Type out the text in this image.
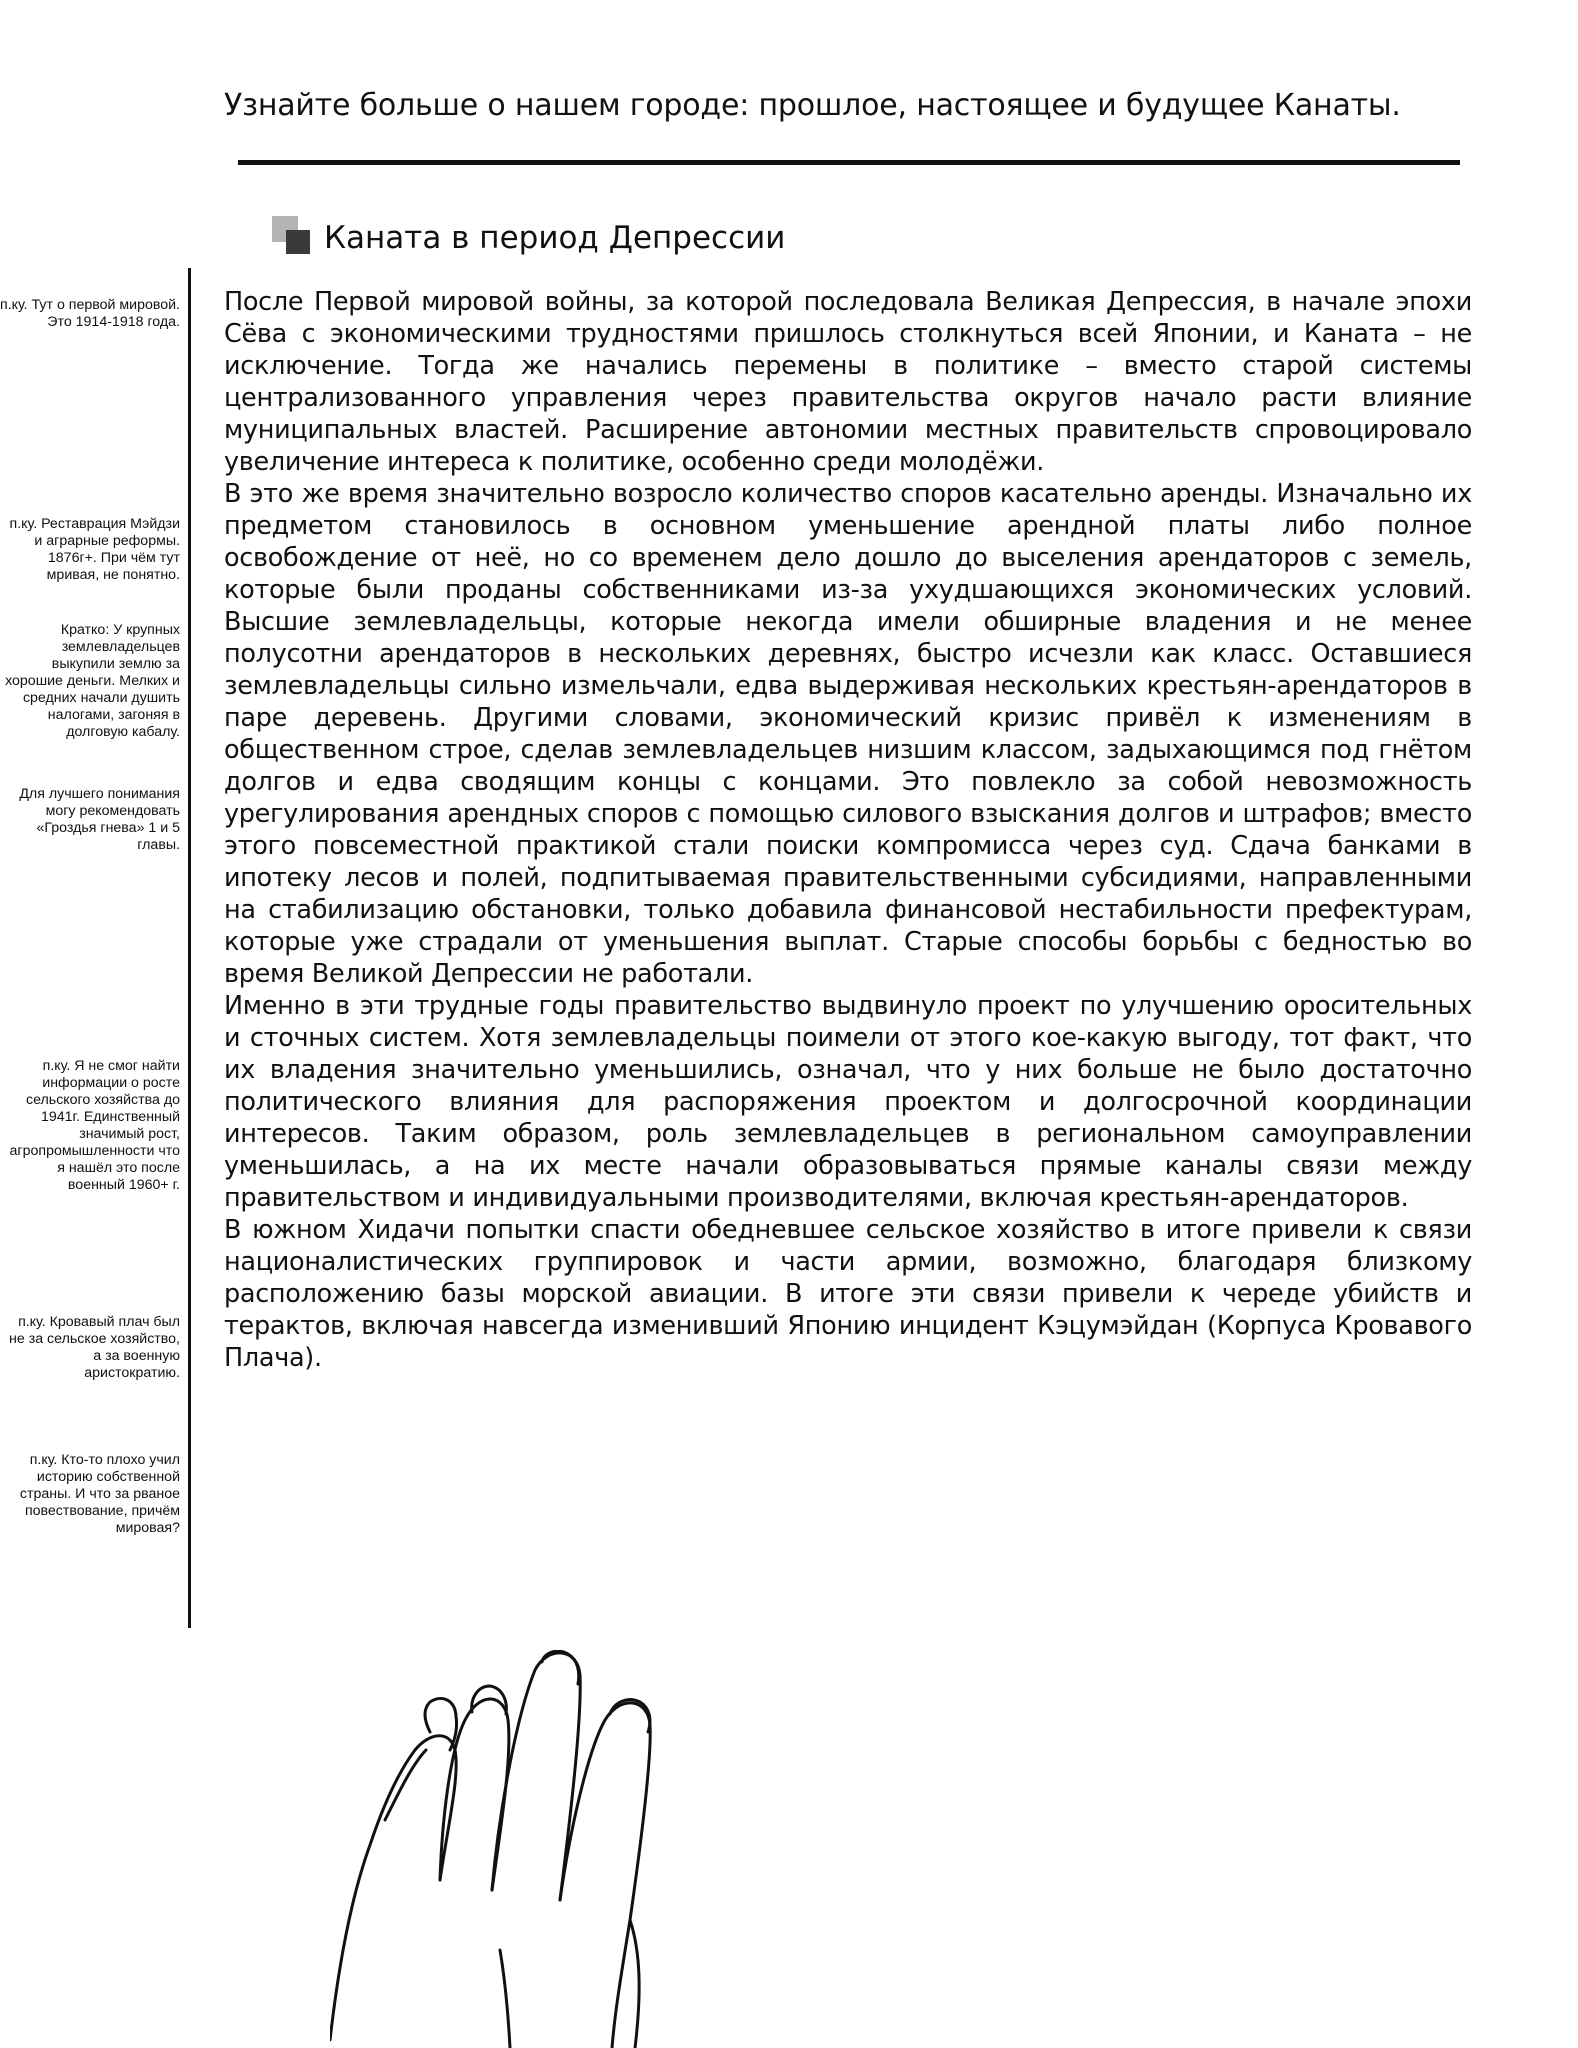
Узнайте больше о нашем городе: прошлое, настоящее и будущее Канаты.
Каната в период Депрессии

п.ку. Тут о первой мировой. Это 1914-1918 года.

п.ку. Реставрация Мэйдзи и аграрные реформы. 1876г+. При чём тут мривая, не понятно.

Кратко: У крупных землевладельцев выкупили землю за хорошие деньги. Мелких и средних начали душить налогами, загоняя в долговую кабалу.

Для лучшего понимания могу рекомендовать «Гроздья гнева» 1 и 5 главы.

п.ку. Я не смог найти информации о росте сельского хозяйства до 1941г. Единственный значимый рост, агропромышленности что я нашёл это после военный 1960+ г.

п.ку. Кровавый плач был не за сельское хозяйство, а за военную аристократию.

п.ку. Кто-то плохо учил историю собственной страны. И что за рваное повествование, причём мировая?

После Первой мировой войны, за которой последовала Великая Депрессия, в начале эпохи Сёва с экономическими трудностями пришлось столкнуться всей Японии, и Каната – не исключение. Тогда же начались перемены в политике – вместо старой системы централизованного управления через правительства округов начало расти влияние муниципальных властей. Расширение автономии местных правительств спровоцировало увеличение интереса к политике, особенно среди молодёжи.

В это же время значительно возросло количество споров касательно аренды. Изначально их предметом становилось в основном уменьшение арендной платы либо полное освобождение от неё, но со временем дело дошло до выселения арендаторов с земель, которые были проданы собственниками из-за ухудшающихся экономических условий. Высшие землевладельцы, которые некогда имели обширные владения и не менее полусотни арендаторов в нескольких деревнях, быстро исчезли как класс. Оставшиеся землевладельцы сильно измельчали, едва выдерживая нескольких крестьян-арендаторов в паре деревень. Другими словами, экономический кризис привёл к изменениям в общественном строе, сделав землевладельцев низшим классом, задыхающимся под гнётом долгов и едва сводящим концы с концами. Это повлекло за собой невозможность урегулирования арендных споров с помощью силового взыскания долгов и штрафов; вместо этого повсеместной практикой стали поиски компромисса через суд. Сдача банками в ипотеку лесов и полей, подпитываемая правительственными субсидиями, направленными на стабилизацию обстановки, только добавила финансовой нестабильности префектурам, которые уже страдали от уменьшения выплат. Старые способы борьбы с бедностью во время Великой Депрессии не работали.

Именно в эти трудные годы правительство выдвинуло проект по улучшению оросительных и сточных систем. Хотя землевладельцы поимели от этого кое-какую выгоду, тот факт, что их владения значительно уменьшились, означал, что у них больше не было достаточно политического влияния для распоряжения проектом и долгосрочной координации интересов. Таким образом, роль землевладельцев в региональном самоуправлении уменьшилась, а на их месте начали образовываться прямые каналы связи между правительством и индивидуальными производителями, включая крестьян-арендаторов.

В южном Хидачи попытки спасти обедневшее сельское хозяйство в итоге привели к связи националистических группировок и части армии, возможно, благодаря близкому расположению базы морской авиации. В итоге эти связи привели к череде убийств и терактов, включая навсегда изменивший Японию инцидент Кэцумэйдан (Корпуса Кровавого Плача).
